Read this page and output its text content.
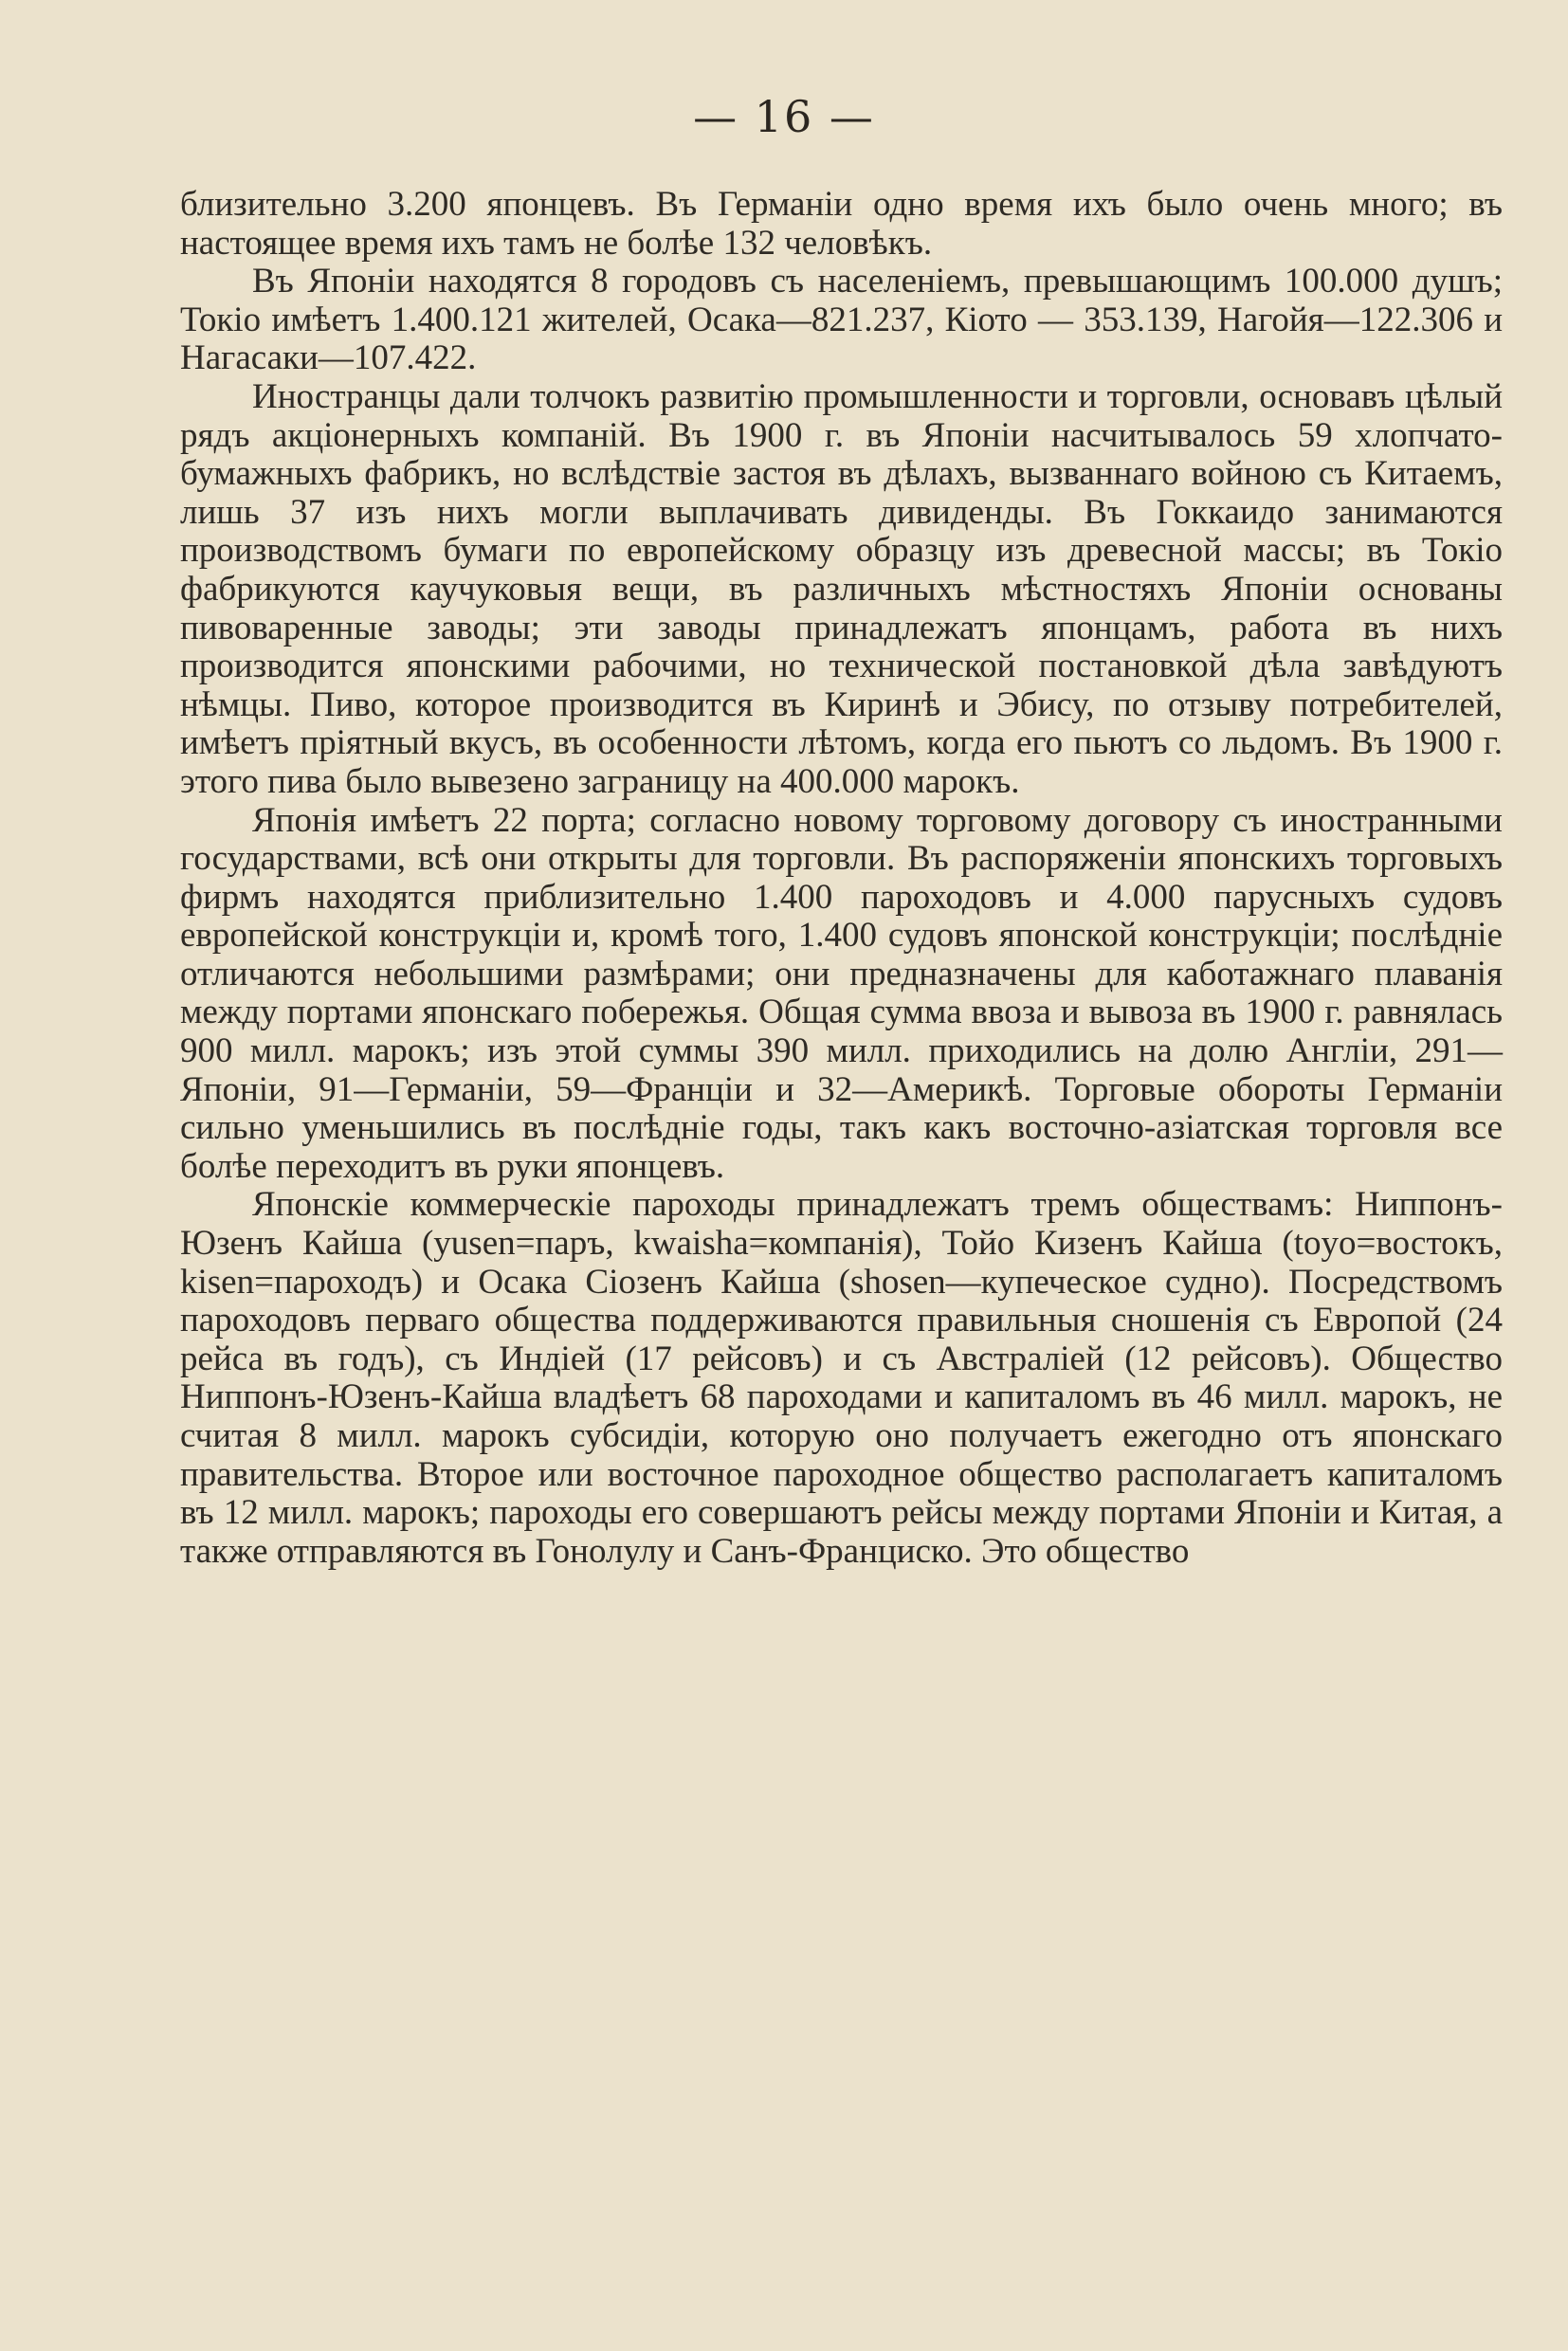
— 16 —

близительно 3.200 японцевъ. Въ Германіи одно время ихъ было очень много; въ настоящее время ихъ тамъ не болѣе 132 человѣкъ.

Въ Японіи находятся 8 городовъ съ населеніемъ, превышающимъ 100.000 душъ; Токіо имѣетъ 1.400.121 жителей, Осака—821.237, Кіото — 353.139, Нагойя—122.306 и Нагасаки—107.422.

Иностранцы дали толчокъ развитію промышленности и торговли, основавъ цѣлый рядъ акціонерныхъ компаній. Въ 1900 г. въ Японіи насчитывалось 59 хлопчато-бумажныхъ фабрикъ, но вслѣдствіе застоя въ дѣлахъ, вызваннаго войною съ Китаемъ, лишь 37 изъ нихъ могли выплачивать дивиденды. Въ Гоккаидо занимаются производствомъ бумаги по европейскому образцу изъ древесной массы; въ Токіо фабрикуются каучуковыя вещи, въ различныхъ мѣстностяхъ Японіи основаны пивоваренные заводы; эти заводы принадлежатъ японцамъ, работа въ нихъ производится японскими рабочими, но технической постановкой дѣла завѣдуютъ нѣмцы. Пиво, которое производится въ Киринѣ и Эбису, по отзыву потребителей, имѣетъ пріятный вкусъ, въ особенности лѣтомъ, когда его пьютъ со льдомъ. Въ 1900 г. этого пива было вывезено заграницу на 400.000 марокъ.

Японія имѣетъ 22 порта; согласно новому торговому договору съ иностранными государствами, всѣ они открыты для торговли. Въ распоряженіи японскихъ торговыхъ фирмъ находятся приблизительно 1.400 пароходовъ и 4.000 парусныхъ судовъ европейской конструкціи и, кромѣ того, 1.400 судовъ японской конструкціи; послѣдніе отличаются небольшими размѣрами; они предназначены для каботажнаго плаванія между портами японскаго побережья. Общая сумма ввоза и вывоза въ 1900 г. равнялась 900 милл. марокъ; изъ этой суммы 390 милл. приходились на долю Англіи, 291—Японіи, 91—Германіи, 59—Франціи и 32—Америкѣ. Торговые обороты Германіи сильно уменьшились въ послѣдніе годы, такъ какъ восточно-азіатская торговля все болѣе переходитъ въ руки японцевъ.

Японскіе коммерческіе пароходы принадлежатъ тремъ обществамъ: Ниппонъ-Юзенъ Кайша (yusen=паръ, kwaisha=компанія), Тойо Кизенъ Кайша (toyo=востокъ, kisen=пароходъ) и Осака Сіозенъ Кайша (shosen—купеческое судно). Посредствомъ пароходовъ перваго общества поддерживаются правильныя сношенія съ Европой (24 рейса въ годъ), съ Индіей (17 рейсовъ) и съ Австраліей (12 рейсовъ). Общество Ниппонъ-Юзенъ-Кайша владѣетъ 68 пароходами и капиталомъ въ 46 милл. марокъ, не считая 8 милл. марокъ субсидіи, которую оно получаетъ ежегодно отъ японскаго правительства. Второе или восточное пароходное общество располагаетъ капиталомъ въ 12 милл. марокъ; пароходы его совершаютъ рейсы между портами Японіи и Китая, а также отправляются въ Гонолулу и Санъ-Франциско. Это общество
